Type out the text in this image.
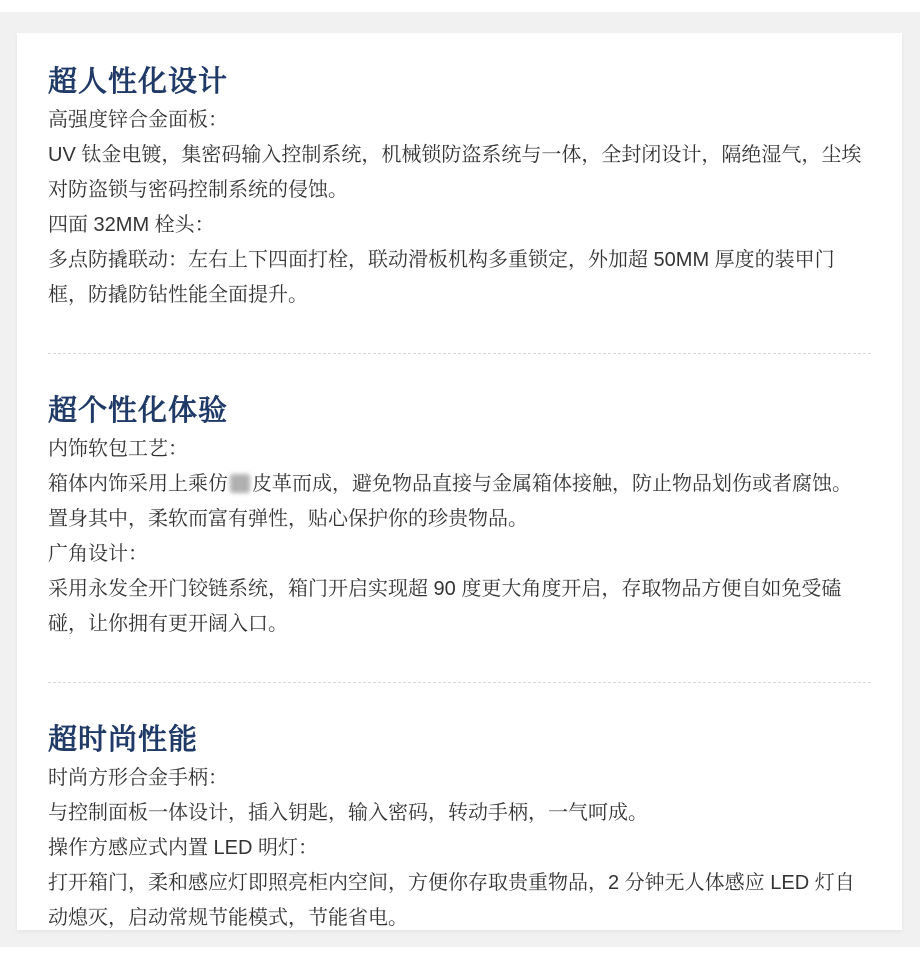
超人性化设计

高强度锌合金面板：

UV 钛金电镀，集密码输入控制系统，机械锁防盗系统与一体，全封闭设计，隔绝湿气，尘埃对防盗锁与密码控制系统的侵蚀。

四面 32MM 栓头：

多点防撬联动：左右上下四面打栓，联动滑板机构多重锁定，外加超 50MM 厚度的装甲门框，防撬防钻性能全面提升。

超个性化体验

内饰软包工艺：

箱体内饰采用上乘仿 皮革而成，避免物品直接与金属箱体接触，防止物品划伤或者腐蚀。置身其中，柔软而富有弹性，贴心保护你的珍贵物品。

广角设计：

采用永发全开门铰链系统，箱门开启实现超 90 度更大角度开启，存取物品方便自如免受磕碰，让你拥有更开阔入口。

超时尚性能

时尚方形合金手柄：

与控制面板一体设计，插入钥匙，输入密码，转动手柄，一气呵成。

操作方感应式内置 LED 明灯：

打开箱门，柔和感应灯即照亮柜内空间，方便你存取贵重物品，2 分钟无人体感应 LED 灯自动熄灭，启动常规节能模式，节能省电。
